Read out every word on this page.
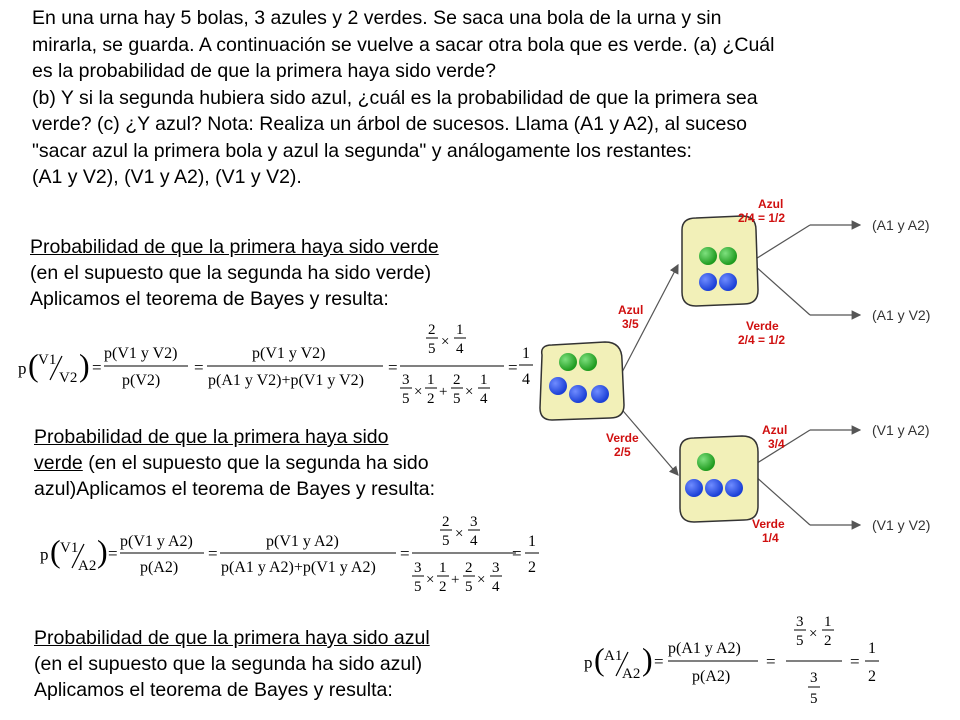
En una urna hay 5 bolas, 3 azules y 2 verdes. Se saca una bola de la urna y sin

mirarla, se guarda. A continuación se vuelve a sacar otra bola que es verde. (a) ¿Cuál

es la probabilidad de que la primera haya sido verde?

(b) Y si la segunda hubiera sido azul, ¿cuál es la probabilidad de que la primera sea

verde? (c) ¿Y azul? Nota: Realiza un árbol de sucesos. Llama (A1 y A2), al suceso

"sacar azul la primera bola y azul la segunda" y análogamente los restantes:

(A1 y V2), (V1 y A2), (V1 y V2).

Probabilidad de que la primera haya sido verde
(en el supuesto que la segunda ha sido verde)
Aplicamos el teorema de Bayes y resulta:
p ( V1
V2 ) =
p(V1 y V2)
p(V2)
=
p(V1 y V2)
p(A1 y V2)+p(V1 y V2)
=
2
5 ×
1
4
3
5 ×
1
2 +
2
5 ×
1
4
=
1
4
Probabilidad de que la primera haya sido
verde (en el supuesto que la segunda ha sido
azul)Aplicamos el teorema de Bayes y resulta:
p ( V1
A2 ) =
p(V1 y A2)
p(A2)
=
p(V1 y A2)
p(A1 y A2)+p(V1 y A2)
=
2
5 ×
3
4
3
5 ×
1
2 +
2
5 ×
3
4
=
1
2
Probabilidad de que la primera haya sido azul
(en el supuesto que la segunda ha sido azul)
Aplicamos el teorema de Bayes y resulta:
p ( A1
A2 ) =
p(A1 y A2)
p(A2)
=
3
5 ×
1
2
3
5
=
1
2
Azul
3/5
Verde
2/5
Azul
2/4 = 1/2
Verde
2/4 = 1/2
Azul
3/4
Verde
1/4
(A1 y A2)
(A1 y V2)
(V1 y A2)
(V1 y V2)
